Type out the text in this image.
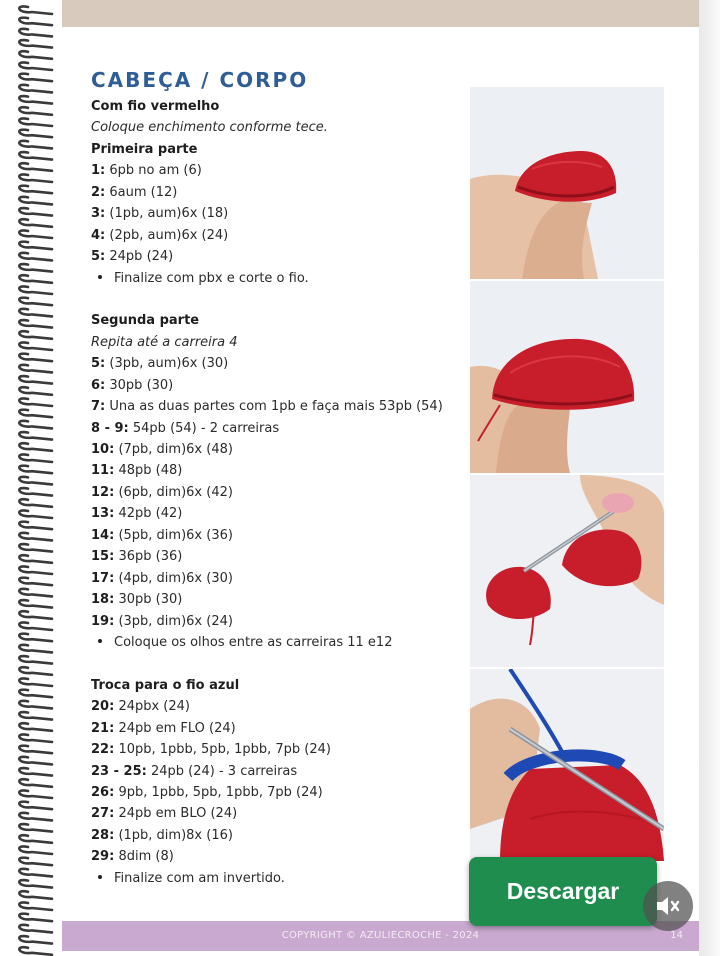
CABEÇA / CORPO
Com fio vermelho
Coloque enchimento conforme tece.
Primeira parte
1: 6pb no am (6)
2: 6aum (12)
3: (1pb, aum)6x (18)
4: (2pb, aum)6x (24)
5: 24pb (24)
Finalize com pbx e corte o fio.
Segunda parte
Repita até a carreira 4
5: (3pb, aum)6x (30)
6: 30pb (30)
7: Una as duas partes com 1pb e faça mais 53pb (54)
8 - 9: 54pb (54) - 2 carreiras
10: (7pb, dim)6x (48)
11: 48pb (48)
12: (6pb, dim)6x (42)
13: 42pb (42)
14: (5pb, dim)6x (36)
15: 36pb (36)
17: (4pb, dim)6x (30)
18: 30pb (30)
19: (3pb, dim)6x (24)
Coloque os olhos entre as carreiras 11 e12
Troca para o fio azul
20: 24pbx (24)
21: 24pb em FLO (24)
22: 10pb, 1pbb, 5pb, 1pbb, 7pb (24)
23 - 25: 24pb (24) - 3 carreiras
26: 9pb, 1pbb, 5pb, 1pbb, 7pb (24)
27: 24pb em BLO (24)
28: (1pb, dim)8x (16)
29: 8dim (8)
Finalize com am invertido.
COPYRIGHT © AZULIECROCHE - 2024	14
Descargar
